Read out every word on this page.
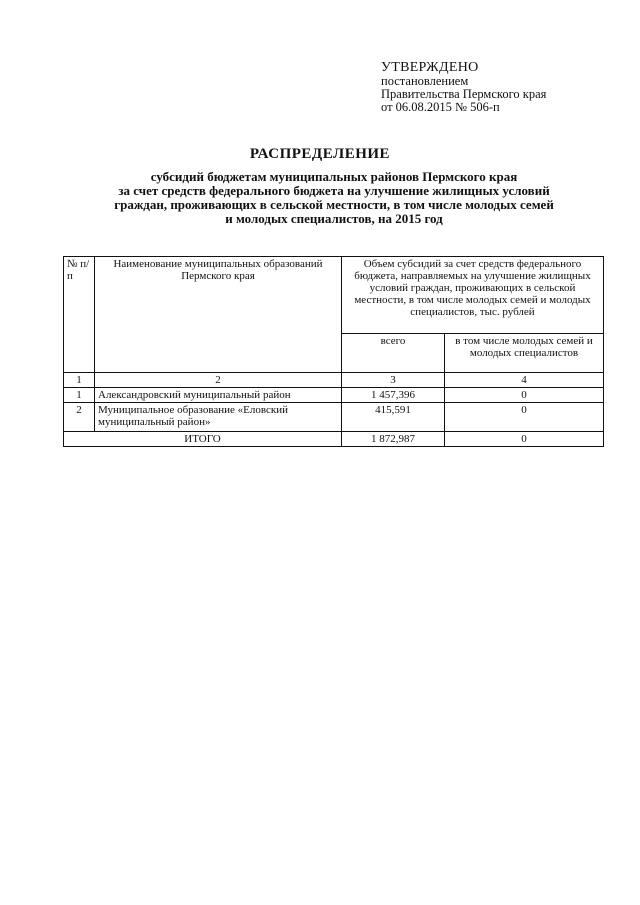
УТВЕРЖДЕНО
постановлением
Правительства Пермского края
от 06.08.2015 № 506-п
РАСПРЕДЕЛЕНИЕ
субсидий бюджетам муниципальных районов Пермского края
за счет средств федерального бюджета на улучшение жилищных условий
граждан, проживающих в сельской местности, в том числе молодых семей
и молодых специалистов, на 2015 год
№ п/п	Наименование муниципальных образований Пермского края	Объем субсидий за счет средств федерального бюджета, направляемых на улучшение жилищных условий граждан, проживающих в сельской местности, в том числе молодых семей и молодых специалистов, тыс. рублей	
		всего	в том числе молодых семей и молодых специалистов
1	2	3	4
1	Александровский муниципальный район	1 457,396	0
2	Муниципальное образование «Еловский муниципальный район»	415,591	0
ИТОГО		1 872,987	0
